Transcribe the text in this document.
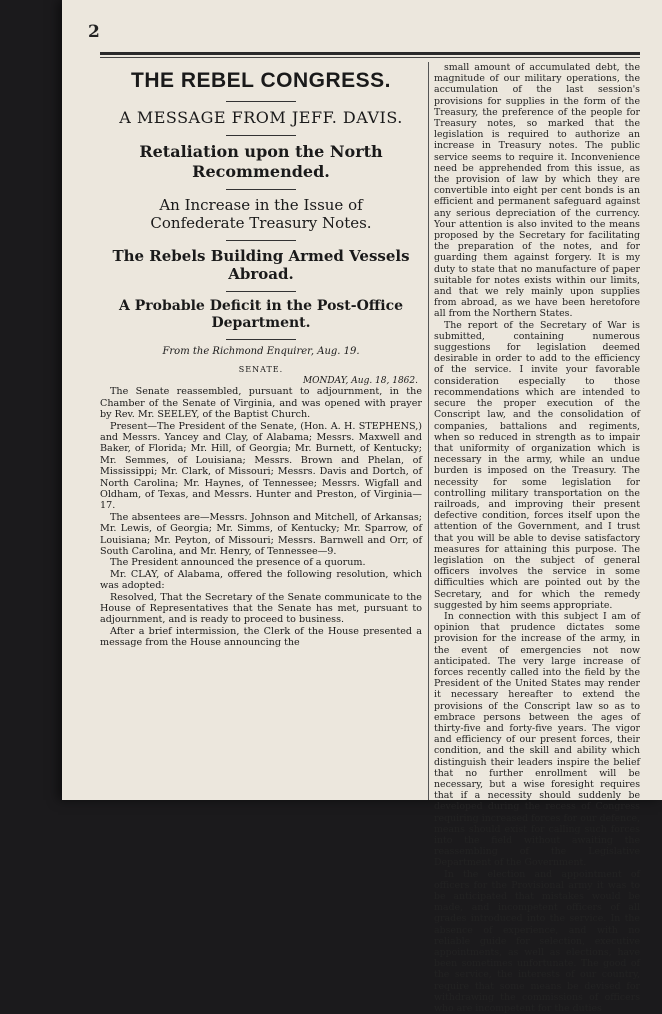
2
THE REBEL CONGRESS.
A MESSAGE FROM JEFF. DAVIS.
Retaliation upon the North Recommended.
An Increase in the Issue of Confederate Treasury Notes.
The Rebels Building Armed Vessels Abroad.
A Probable Deficit in the Post-Office Department.
From the Richmond Enquirer, Aug. 19.
SENATE.
MONDAY, Aug. 18, 1862.

The Senate reassembled, pursuant to adjournment, in the Chamber of the Senate of Virginia, and was opened with prayer by Rev. Mr. SEELEY, of the Baptist Church.

Present—The President of the Senate, (Hon. A. H. STEPHENS,) and Messrs. Yancey and Clay, of Alabama; Messrs. Maxwell and Baker, of Florida; Mr. Hill, of Georgia; Mr. Burnett, of Kentucky; Mr. Semmes, of Louisiana; Messrs. Brown and Phelan, of Mississippi; Mr. Clark, of Missouri; Messrs. Davis and Dortch, of North Carolina; Mr. Haynes, of Tennessee; Messrs. Wigfall and Oldham, of Texas, and Messrs. Hunter and Preston, of Virginia—17.

The absentees are—Messrs. Johnson and Mitchell, of Arkansas; Mr. Lewis, of Georgia; Mr. Simms, of Kentucky; Mr. Sparrow, of Louisiana; Mr. Peyton, of Missouri; Messrs. Barnwell and Orr, of South Carolina, and Mr. Henry, of Tennessee—9.

The President announced the presence of a quorum.

Mr. CLAY, of Alabama, offered the following resolution, which was adopted:

Resolved, That the Secretary of the Senate communicate to the House of Representatives that the Senate has met, pursuant to adjournment, and is ready to proceed to business.

After a brief intermission, the Clerk of the House presented a message from the House announcing the

small amount of accumulated debt, the magnitude of our military operations, the accumulation of the last session's provisions for supplies in the form of the Treasury, the preference of the people for Treasury notes, so marked that the legislation is required to authorize an increase in Treasury notes. The public service seems to require it. Inconvenience need be apprehended from this issue, as the provision of law by which they are convertible into eight per cent bonds is an efficient and permanent safeguard against any serious depreciation of the currency. Your attention is also invited to the means proposed by the Secretary for facilitating the preparation of the notes, and for guarding them against forgery. It is my duty to state that no manufacture of paper suitable for notes exists within our limits, and that we rely mainly upon supplies from abroad, as we have been heretofore all from the Northern States.

The report of the Secretary of War is submitted, containing numerous suggestions for legislation deemed desirable in order to add to the efficiency of the service. I invite your favorable consideration especially to those recommendations which are intended to secure the proper execution of the Conscript law, and the consolidation of companies, battalions and regiments, when so reduced in strength as to impair that uniformity of organization which is necessary in the army, while an undue burden is imposed on the Treasury. The necessity for some legislation for controlling military transportation on the railroads, and improving their present defective condition, forces itself upon the attention of the Government, and I trust that you will be able to devise satisfactory measures for attaining this purpose. The legislation on the subject of general officers involves the service in some difficulties which are pointed out by the Secretary, and for which the remedy suggested by him seems appropriate.

In connection with this subject I am of opinion that prudence dictates some provision for the increase of the army, in the event of emergencies not now anticipated. The very large increase of forces recently called into the field by the President of the United States may render it necessary hereafter to extend the provisions of the Conscript law so as to embrace persons between the ages of thirty-five and forty-five years. The vigor and efficiency of our present forces, their condition, and the skill and ability which distinguish their leaders inspire the belief that no further enrollment will be necessary, but a wise foresight requires that if a necessity should suddenly be developed during the recess of Congress requiring increased forces for our defence, means should exist for calling such forces into the field without awaiting the reassembling of the Legislative Department of the Government.

In the election and appointment of officers for the Provisional army it was to be anticipated that mistakes would be made, and incompetent officers of all grades introduced into the service. In the absence of experience, and with no reliable guide for selection, executive appointments, as well as elections, have been sometimes unfortunate. The good of the service, the interests of our country, require that some means be devised for withdrawing the commissions of officers who are incompetent for the duties
